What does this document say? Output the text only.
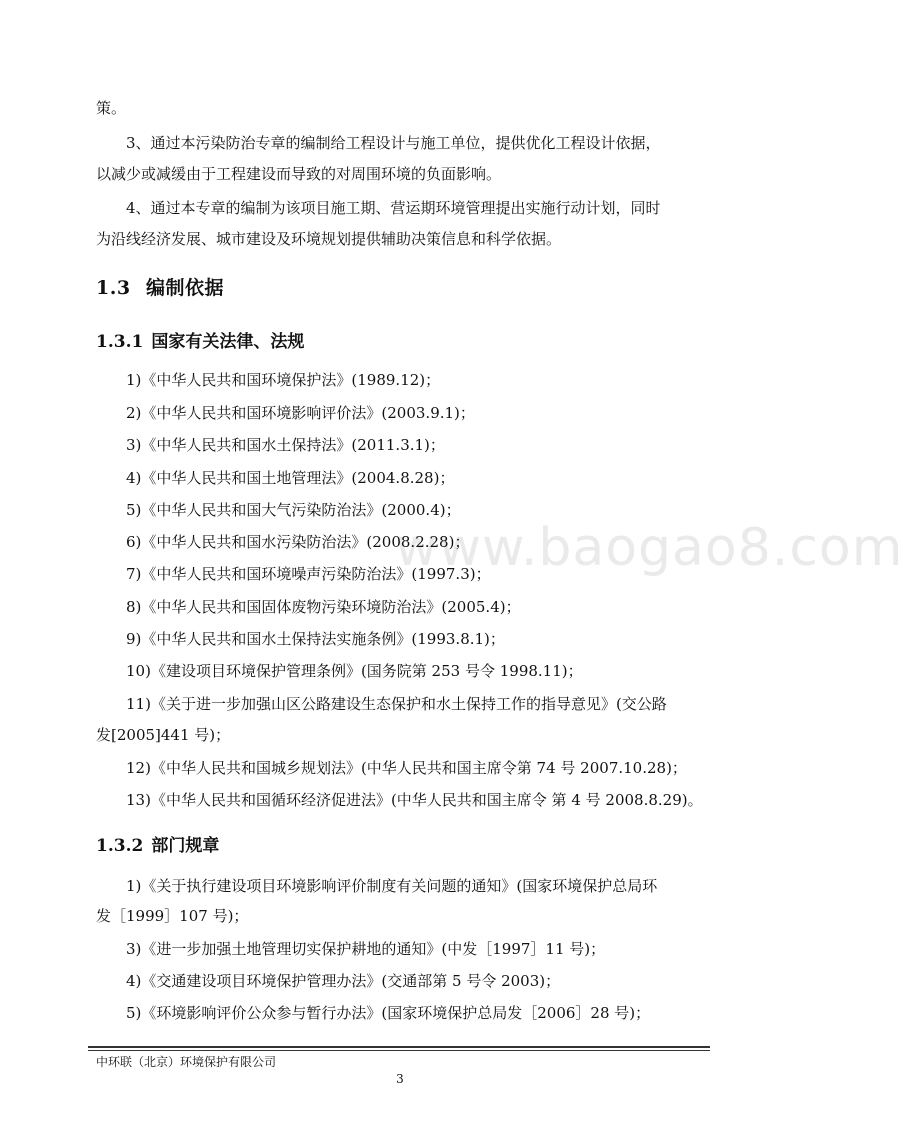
www.baogao8.com
策。
3、通过本污染防治专章的编制给工程设计与施工单位，提供优化工程设计依据，
以减少或减缓由于工程建设而导致的对周围环境的负面影响。
4、通过本专章的编制为该项目施工期、营运期环境管理提出实施行动计划，同时
为沿线经济发展、城市建设及环境规划提供辅助决策信息和科学依据。
1.3 编制依据
1.3.1 国家有关法律、法规
1)《中华人民共和国环境保护法》(1989.12)；
2)《中华人民共和国环境影响评价法》(2003.9.1)；
3)《中华人民共和国水土保持法》(2011.3.1)；
4)《中华人民共和国土地管理法》(2004.8.28)；
5)《中华人民共和国大气污染防治法》(2000.4)；
6)《中华人民共和国水污染防治法》(2008.2.28)；
7)《中华人民共和国环境噪声污染防治法》(1997.3)；
8)《中华人民共和国固体废物污染环境防治法》(2005.4)；
9)《中华人民共和国水土保持法实施条例》(1993.8.1)；
10)《建设项目环境保护管理条例》(国务院第 253 号令 1998.11)；
11)《关于进一步加强山区公路建设生态保护和水土保持工作的指导意见》(交公路
发[2005]441 号)；
12)《中华人民共和国城乡规划法》(中华人民共和国主席令第 74 号 2007.10.28)；
13)《中华人民共和国循环经济促进法》(中华人民共和国主席令 第 4 号 2008.8.29)。
1.3.2 部门规章
1)《关于执行建设项目环境影响评价制度有关问题的通知》(国家环境保护总局环
发［1999］107 号)；
3)《进一步加强土地管理切实保护耕地的通知》(中发［1997］11 号)；
4)《交通建设项目环境保护管理办法》(交通部第 5 号令 2003)；
5)《环境影响评价公众参与暂行办法》(国家环境保护总局发［2006］28 号)；
中环联（北京）环境保护有限公司
3
